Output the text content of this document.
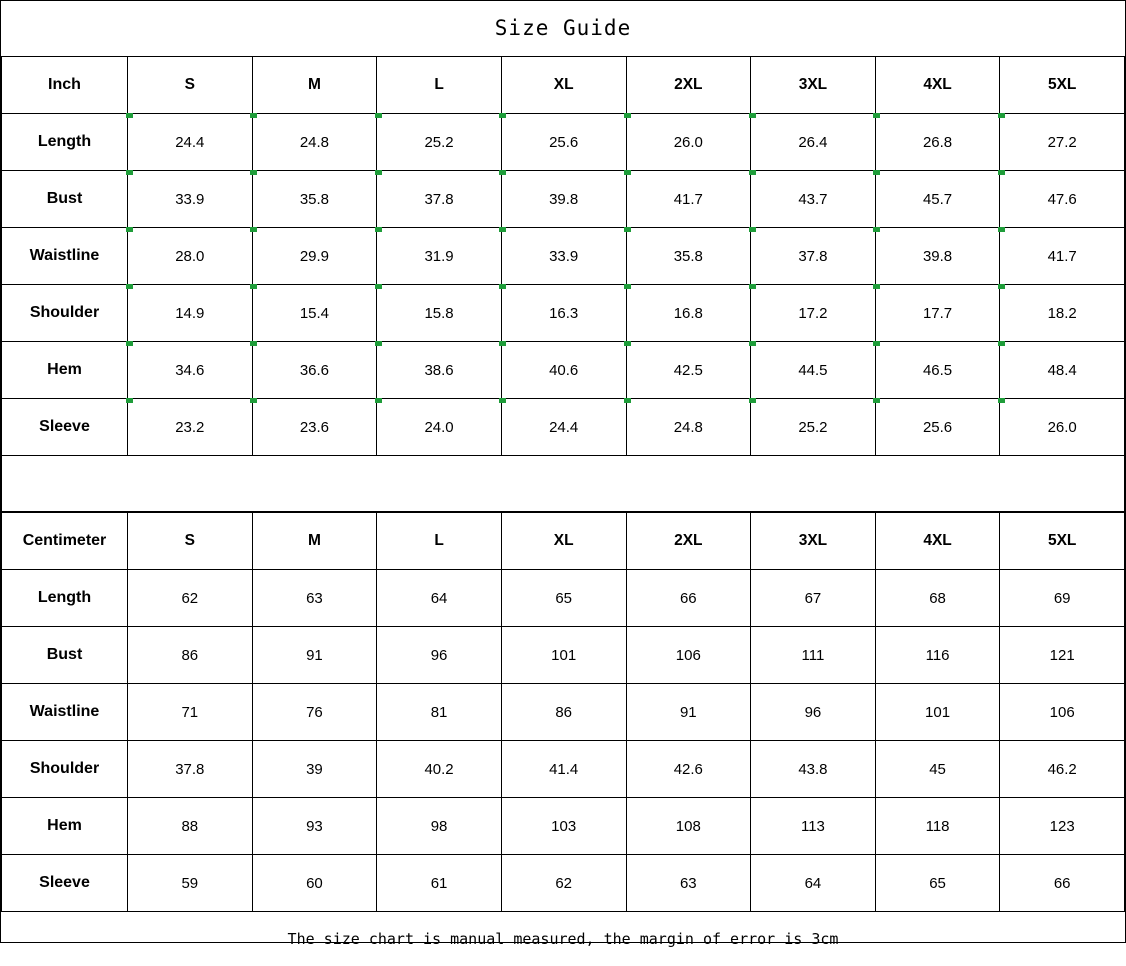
Size Guide
Inch	S	M	L	XL	2XL	3XL	4XL	5XL
Length	24.4	24.8	25.2	25.6	26.0	26.4	26.8	27.2
Bust	33.9	35.8	37.8	39.8	41.7	43.7	45.7	47.6
Waistline	28.0	29.9	31.9	33.9	35.8	37.8	39.8	41.7
Shoulder	14.9	15.4	15.8	16.3	16.8	17.2	17.7	18.2
Hem	34.6	36.6	38.6	40.6	42.5	44.5	46.5	48.4
Sleeve	23.2	23.6	24.0	24.4	24.8	25.2	25.6	26.0
Centimeter	S	M	L	XL	2XL	3XL	4XL	5XL
Length	62	63	64	65	66	67	68	69
Bust	86	91	96	101	106	111	116	121
Waistline	71	76	81	86	91	96	101	106
Shoulder	37.8	39	40.2	41.4	42.6	43.8	45	46.2
Hem	88	93	98	103	108	113	118	123
Sleeve	59	60	61	62	63	64	65	66
The size chart is manual measured, the margin of error is 3cm
